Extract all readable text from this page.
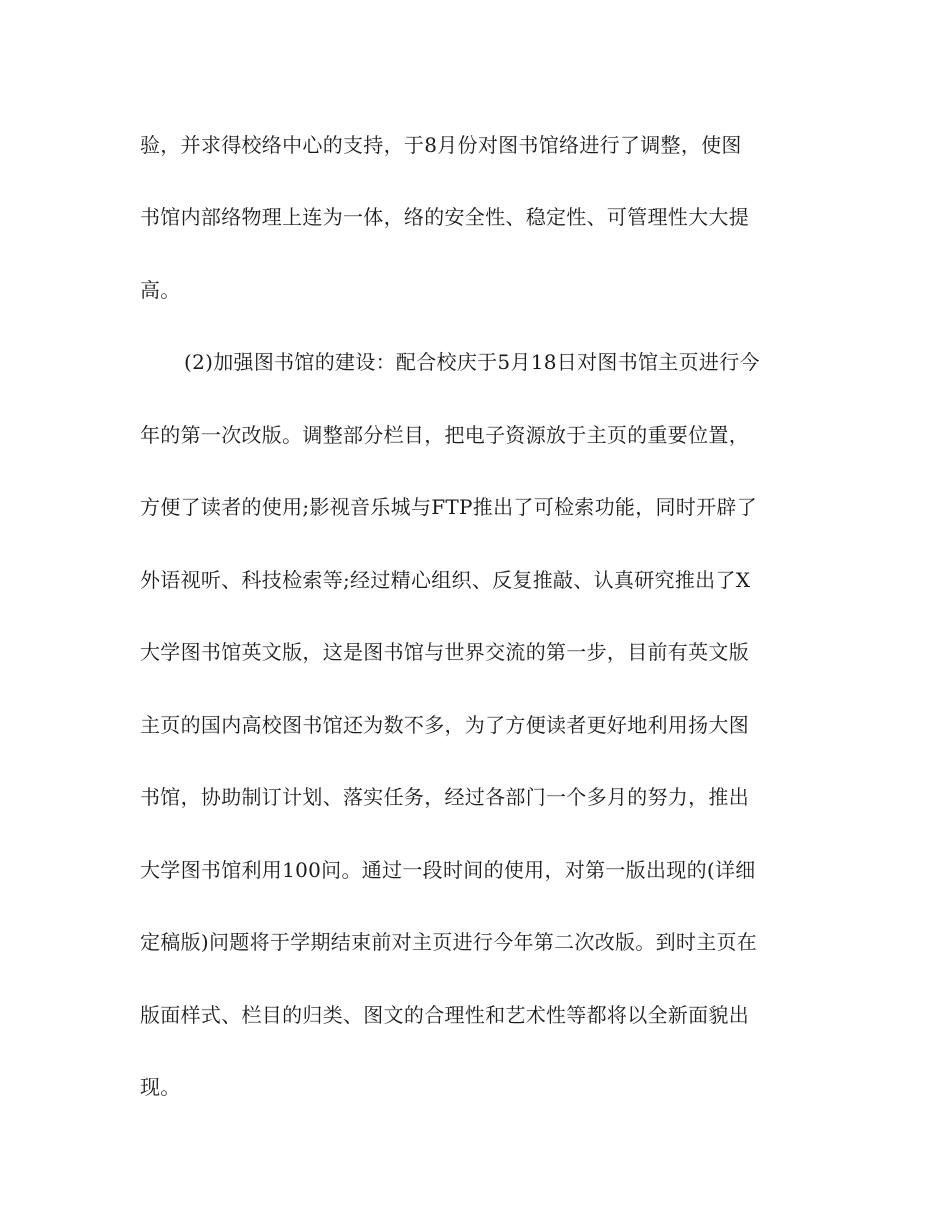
验，并求得校络中心的支持，于8月份对图书馆络进行了调整，使图
书馆内部络物理上连为一体，络的安全性、稳定性、可管理性大大提
高。
(2)加强图书馆的建设：配合校庆于5月18日对图书馆主页进行今
年的第一次改版。调整部分栏目，把电子资源放于主页的重要位置，
方便了读者的使用;影视音乐城与FTP推出了可检索功能，同时开辟了
外语视听、科技检索等;经过精心组织、反复推敲、认真研究推出了X
大学图书馆英文版，这是图书馆与世界交流的第一步，目前有英文版
主页的国内高校图书馆还为数不多，为了方便读者更好地利用扬大图
书馆，协助制订计划、落实任务，经过各部门一个多月的努力，推出
大学图书馆利用100问。通过一段时间的使用，对第一版出现的(详细
定稿版)问题将于学期结束前对主页进行今年第二次改版。到时主页在
版面样式、栏目的归类、图文的合理性和艺术性等都将以全新面貌出
现。
